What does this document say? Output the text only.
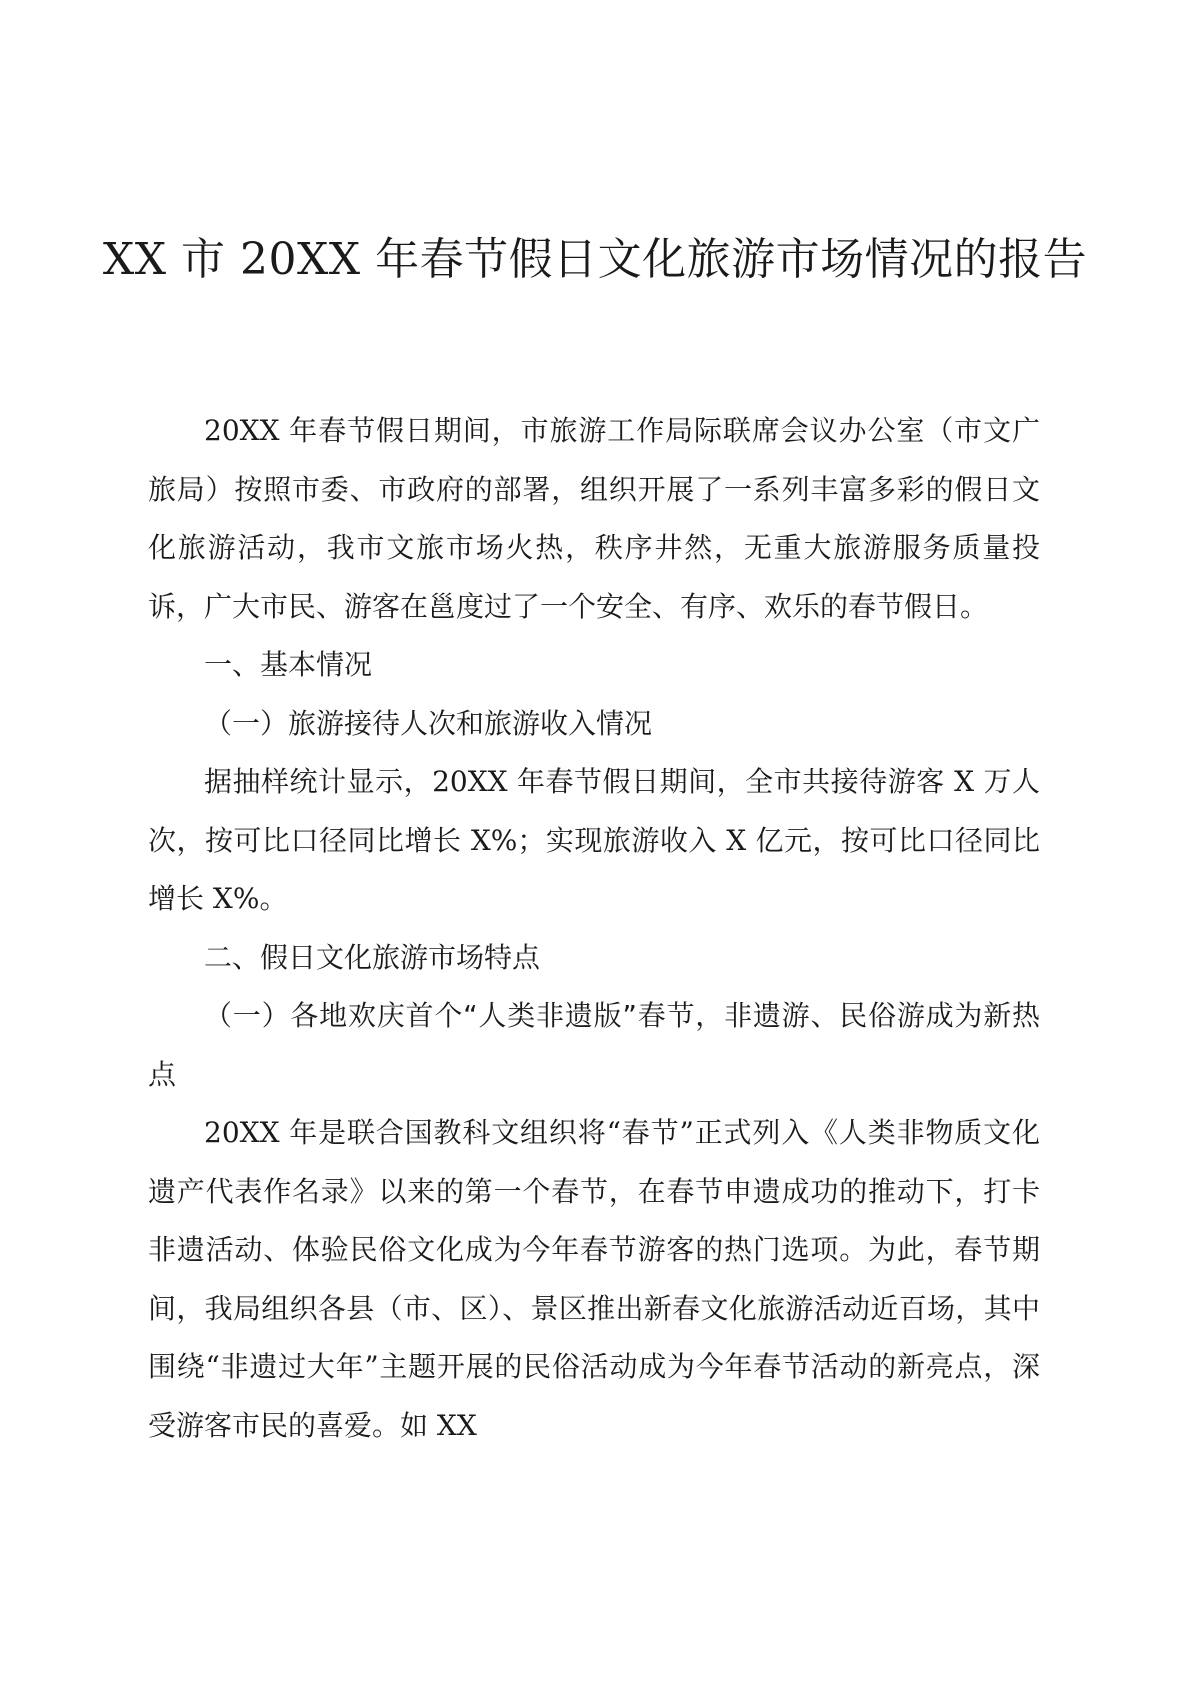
XX 市 20XX 年春节假日文化旅游市场情况的报告

20XX 年春节假日期间，市旅游工作局际联席会议办公室（市文广旅局）按照市委、市政府的部署，组织开展了一系列丰富多彩的假日文化旅游活动，我市文旅市场火热，秩序井然，无重大旅游服务质量投诉，广大市民、游客在邕度过了一个安全、有序、欢乐的春节假日。

一、基本情况

（一）旅游接待人次和旅游收入情况

据抽样统计显示，20XX 年春节假日期间，全市共接待游客 X 万人次，按可比口径同比增长 X%；实现旅游收入 X 亿元，按可比口径同比增长 X%。

二、假日文化旅游市场特点

（一）各地欢庆首个“人类非遗版”春节，非遗游、民俗游成为新热点

20XX 年是联合国教科文组织将“春节”正式列入《人类非物质文化遗产代表作名录》以来的第一个春节，在春节申遗成功的推动下，打卡非遗活动、体验民俗文化成为今年春节游客的热门选项。为此，春节期间，我局组织各县（市、区）、景区推出新春文化旅游活动近百场，其中围绕“非遗过大年”主题开展的民俗活动成为今年春节活动的新亮点，深受游客市民的喜爱。如 XX
